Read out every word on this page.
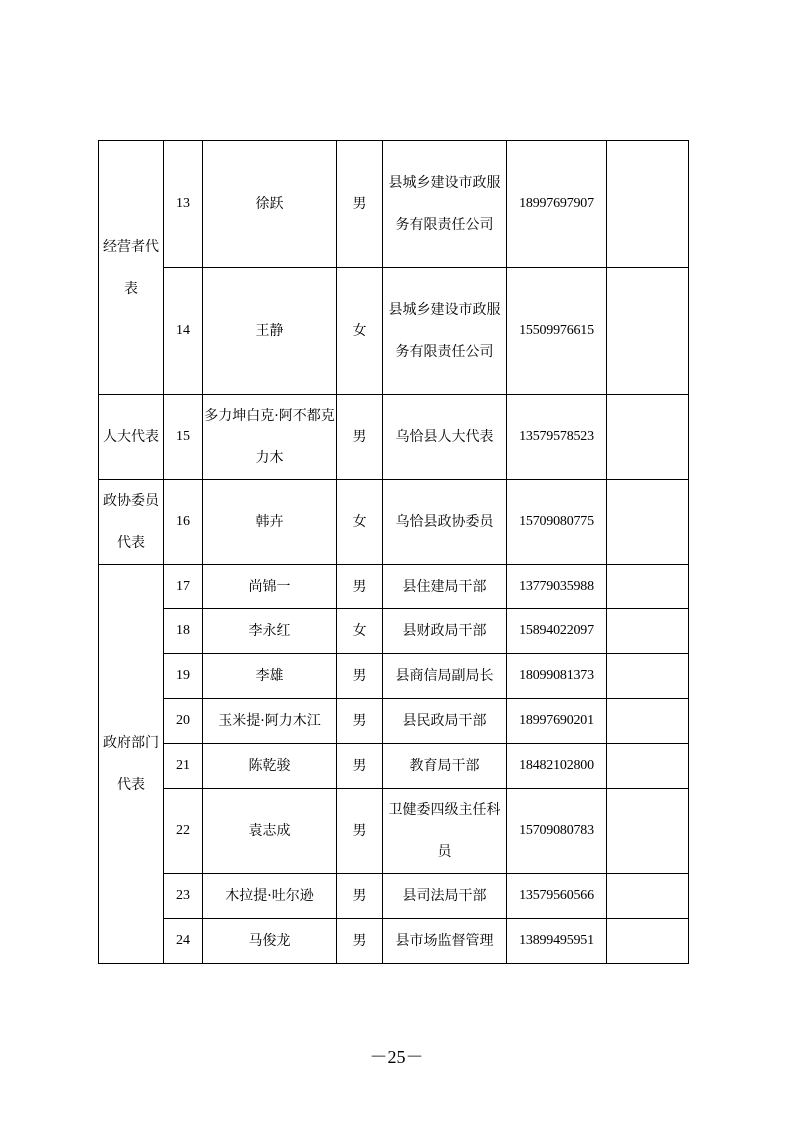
经营者代表	13	徐跃	男	县城乡建设市政服务有限责任公司	18997697907	
	14	王静	女	县城乡建设市政服务有限责任公司	15509976615	

人大代表	15	多力坤白克·阿不都克力木	男	乌恰县人大代表	13579578523	

政协委员代表	16	韩卉	女	乌恰县政协委员	15709080775	

政府部门代表	17	尚锦一	男	县住建局干部	13779035988	
	18	李永红	女	县财政局干部	15894022097	
	19	李雄	男	县商信局副局长	18099081373	
	20	玉米提·阿力木江	男	县民政局干部	18997690201	
	21	陈乾骏	男	教育局干部	18482102800	
	22	袁志成	男	卫健委四级主任科员	15709080783	
	23	木拉提·吐尔逊	男	县司法局干部	13579560566	
	24	马俊龙	男	县市场监督管理	13899495951	
－25－
